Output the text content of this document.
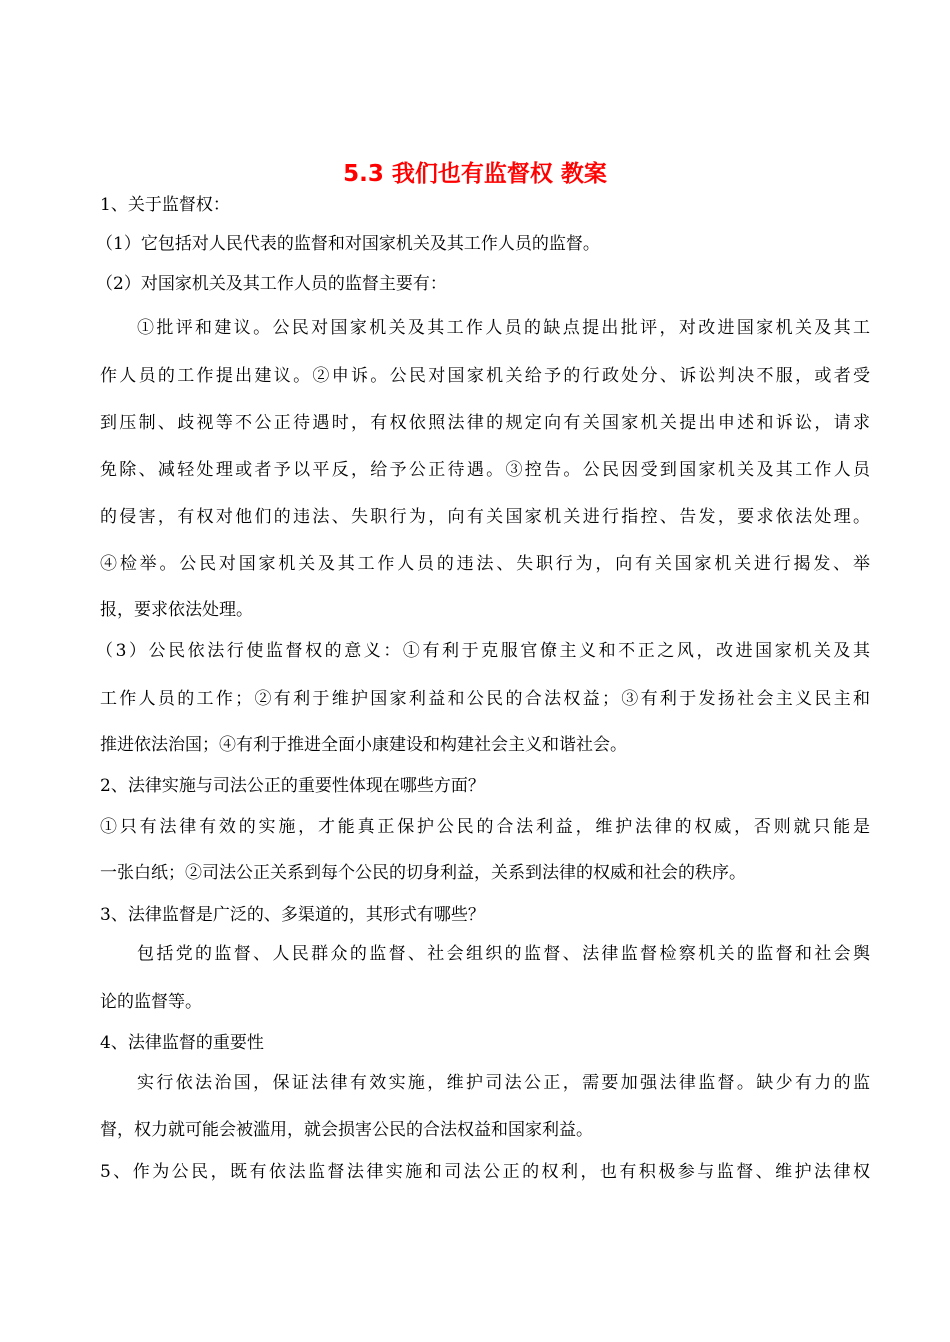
5.3 我们也有监督权 教案
1、关于监督权：
（1）它包括对人民代表的监督和对国家机关及其工作人员的监督。
（2）对国家机关及其工作人员的监督主要有：
①批评和建议。公民对国家机关及其工作人员的缺点提出批评，对改进国家机关及其工
作人员的工作提出建议。②申诉。公民对国家机关给予的行政处分、诉讼判决不服，或者受
到压制、歧视等不公正待遇时，有权依照法律的规定向有关国家机关提出申述和诉讼，请求
免除、减轻处理或者予以平反，给予公正待遇。③控告。公民因受到国家机关及其工作人员
的侵害，有权对他们的违法、失职行为，向有关国家机关进行指控、告发，要求依法处理。
④检举。公民对国家机关及其工作人员的违法、失职行为，向有关国家机关进行揭发、举
报，要求依法处理。
（3）公民依法行使监督权的意义：①有利于克服官僚主义和不正之风，改进国家机关及其
工作人员的工作；②有利于维护国家利益和公民的合法权益；③有利于发扬社会主义民主和
推进依法治国；④有利于推进全面小康建设和构建社会主义和谐社会。
2、法律实施与司法公正的重要性体现在哪些方面？
①只有法律有效的实施，才能真正保护公民的合法利益，维护法律的权威，否则就只能是
一张白纸；②司法公正关系到每个公民的切身利益，关系到法律的权威和社会的秩序。
3、法律监督是广泛的、多渠道的，其形式有哪些？
包括党的监督、人民群众的监督、社会组织的监督、法律监督检察机关的监督和社会舆
论的监督等。
4、法律监督的重要性
实行依法治国，保证法律有效实施，维护司法公正，需要加强法律监督。缺少有力的监
督，权力就可能会被滥用，就会损害公民的合法权益和国家利益。
5、作为公民，既有依法监督法律实施和司法公正的权利，也有积极参与监督、维护法律权
